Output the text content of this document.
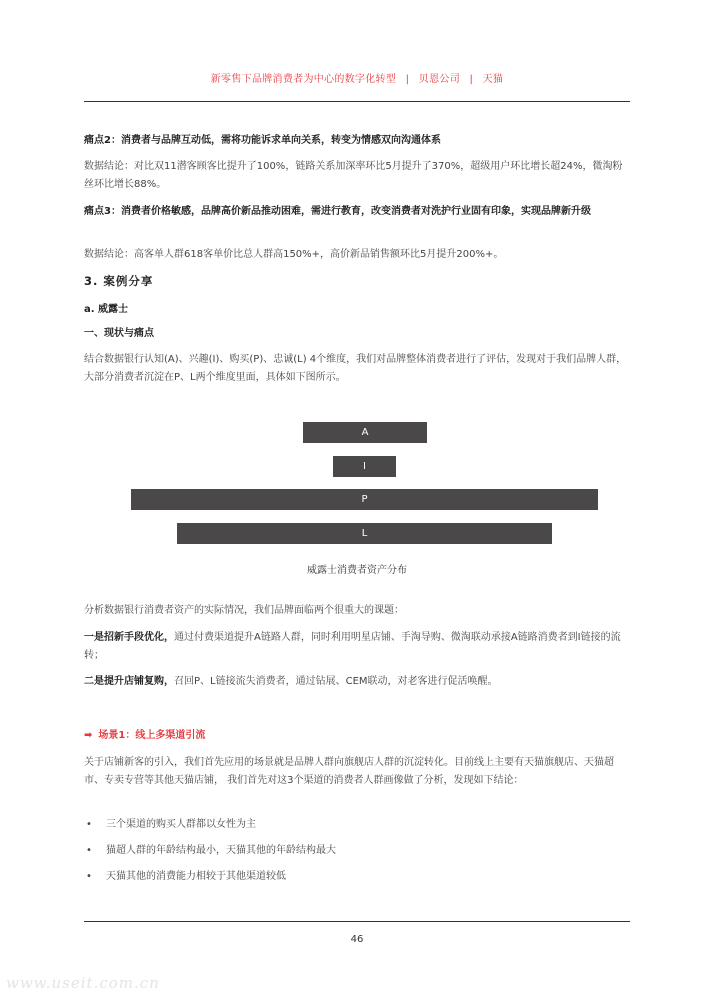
新零售下品牌消费者为中心的数字化转型 | 贝恩公司 | 天猫
痛点2：消费者与品牌互动低，需将功能诉求单向关系，转变为情感双向沟通体系
数据结论：对比双11潜客顾客比提升了100%，链路关系加深率环比5月提升了370%，超级用户环比增长超24%，微淘粉丝环比增长88%。
痛点3：消费者价格敏感，品牌高价新品推动困难，需进行教育，改变消费者对洗护行业固有印象，实现品牌新升级
数据结论：高客单人群618客单价比总人群高150%+，高价新品销售额环比5月提升200%+。
3. 案例分享
a. 威露士
一、现状与痛点
结合数据银行认知(A)、兴趣(I)、购买(P)、忠诚(L) 4个维度，我们对品牌整体消费者进行了评估，发现对于我们品牌人群，大部分消费者沉淀在P、L两个维度里面，具体如下图所示。
A
I
P
L
威露士消费者资产分布
分析数据银行消费者资产的实际情况，我们品牌面临两个很重大的课题：
一是招新手段优化，通过付费渠道提升A链路人群，同时利用明星店铺、手淘导购、微淘联动承接A链路消费者到I链接的流转；
二是提升店铺复购，召回P、L链接流失消费者，通过钻展、CEM联动，对老客进行促活唤醒。
➡ 场景1：线上多渠道引流
关于店铺新客的引入，我们首先应用的场景就是品牌人群向旗舰店人群的沉淀转化。目前线上主要有天猫旗舰店、天猫超市、专卖专营等其他天猫店铺， 我们首先对这3个渠道的消费者人群画像做了分析，发现如下结论：
• 三个渠道的购买人群都以女性为主
• 猫超人群的年龄结构最小，天猫其他的年龄结构最大
• 天猫其他的消费能力相较于其他渠道较低
46
www.useit.com.cn
